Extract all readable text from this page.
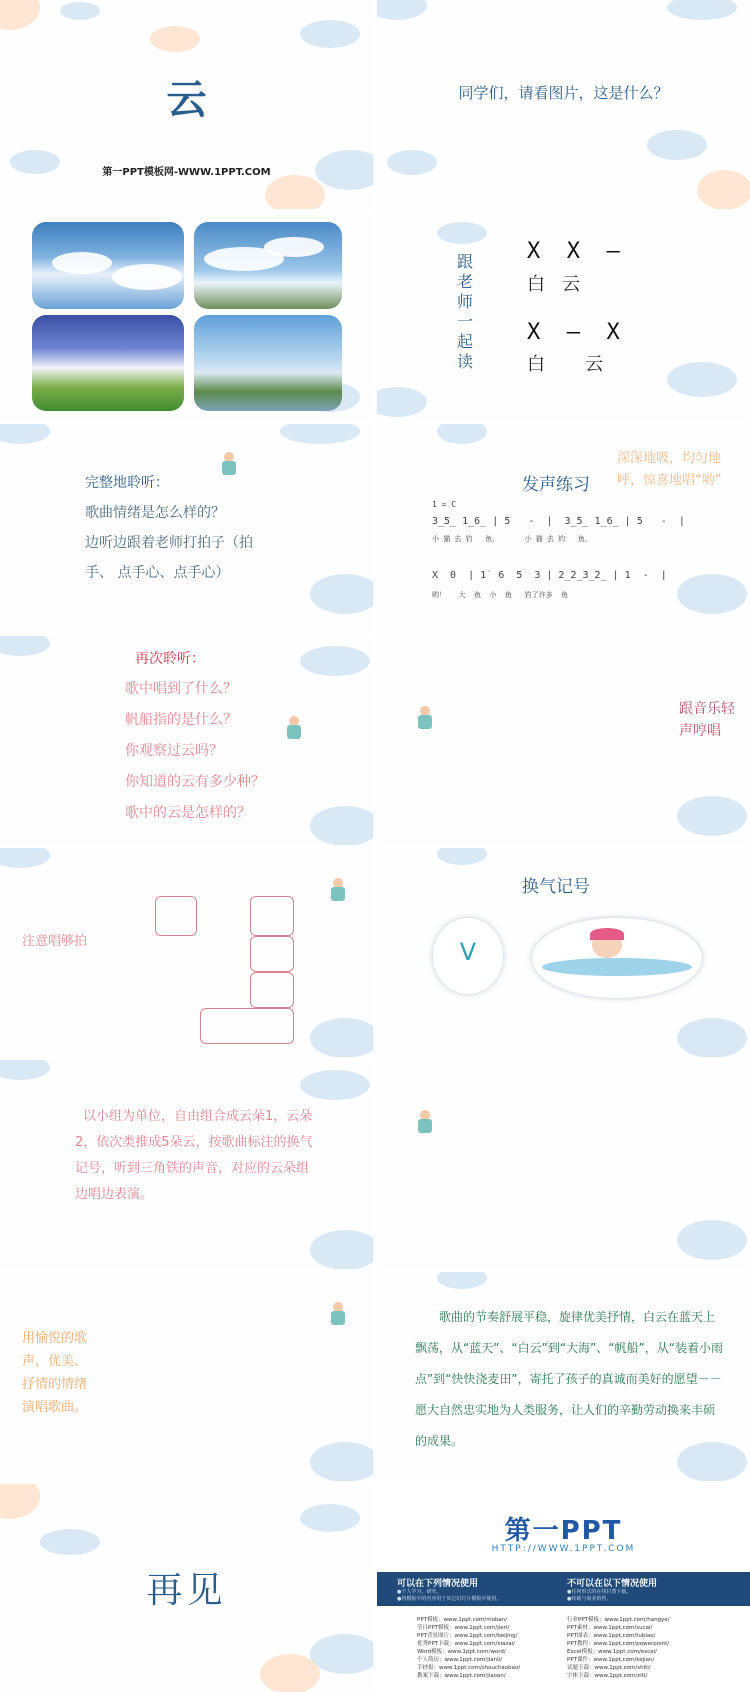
云
第一PPT模板网-WWW.1PPT.COM
同学们，请看图片，这是什么？
跟
老
师
一
起
读
X X –
白 云
X – X
白 云
完整地聆听：
歌曲情绪是怎么样的？
边听边跟着老师打拍子（拍
手、 点手心、点手心）
发声练习
深深地吸，均匀地呼，惊喜地唱“哟”
1 = C
3̲5̲ 1̲6̲ | 5   -  |  3̲5̲ 1̲6̲ | 5   -  |
小 猫 去 钓   鱼，      小 猫 去 钓   鱼，
X  0  | 1̇  6  5  3 | 2̲2̲3̲2̲ | 1  -  |
哟！   大  鱼  小  鱼   钓了许多  鱼
再次聆听：
歌中唱到了什么？
帆船指的是什么？
你观察过云吗？
你知道的云有多少种？
歌中的云是怎样的？
跟音乐轻声哼唱
注意唱够拍
换气记号
V
以小组为单位，自由组合成云朵1，云朵2，依次类推成5朵云，按歌曲标注的换气记号，听到三角铁的声音，对应的云朵组边唱边表演。
用愉悦的歌声，优美、抒情的情绪演唱歌曲。
歌曲的节奏舒展平稳，旋律优美抒情，白云在蓝天上飘荡，从“蓝天”、“白云”到“大海”、“帆船”，从“装着小雨点”到“快快浇麦田”，寄托了孩子的真诚而美好的愿望－－愿大自然忠实地为人类服务，让人们的辛勤劳动换来丰硕的成果。
再见
第一PPT
HTTP://WWW.1PPT.COM
可以在下列情况使用
●个人学习、研究。
●将模板中的内容用于其它幻灯片模板中使用。
不可以在以下情况使用
●任何形式的在线付费下载。
●转载与商业销售。
PPT模板：www.1ppt.com/moban/
节日PPT模板：www.1ppt.com/jieri/
PPT背景图片：www.1ppt.com/beijing/
优秀PPT下载：www.1ppt.com/xiazai/
Word模板：www.1ppt.com/word/
个人简历：www.1ppt.com/jianli/
手抄报：www.1ppt.com/shouchaobao/
教案下载：www.1ppt.com/jiaoan/
行业PPT模板：www.1ppt.com/hangye/
PPT素材：www.1ppt.com/sucai/
PPT图表：www.1ppt.com/tubiao/
PPT教程：www.1ppt.com/powerpoint/
Excel模板：www.1ppt.com/excel/
PPT课件：www.1ppt.com/kejian/
试题下载：www.1ppt.com/shiti/
字体下载：www.1ppt.com/ziti/
